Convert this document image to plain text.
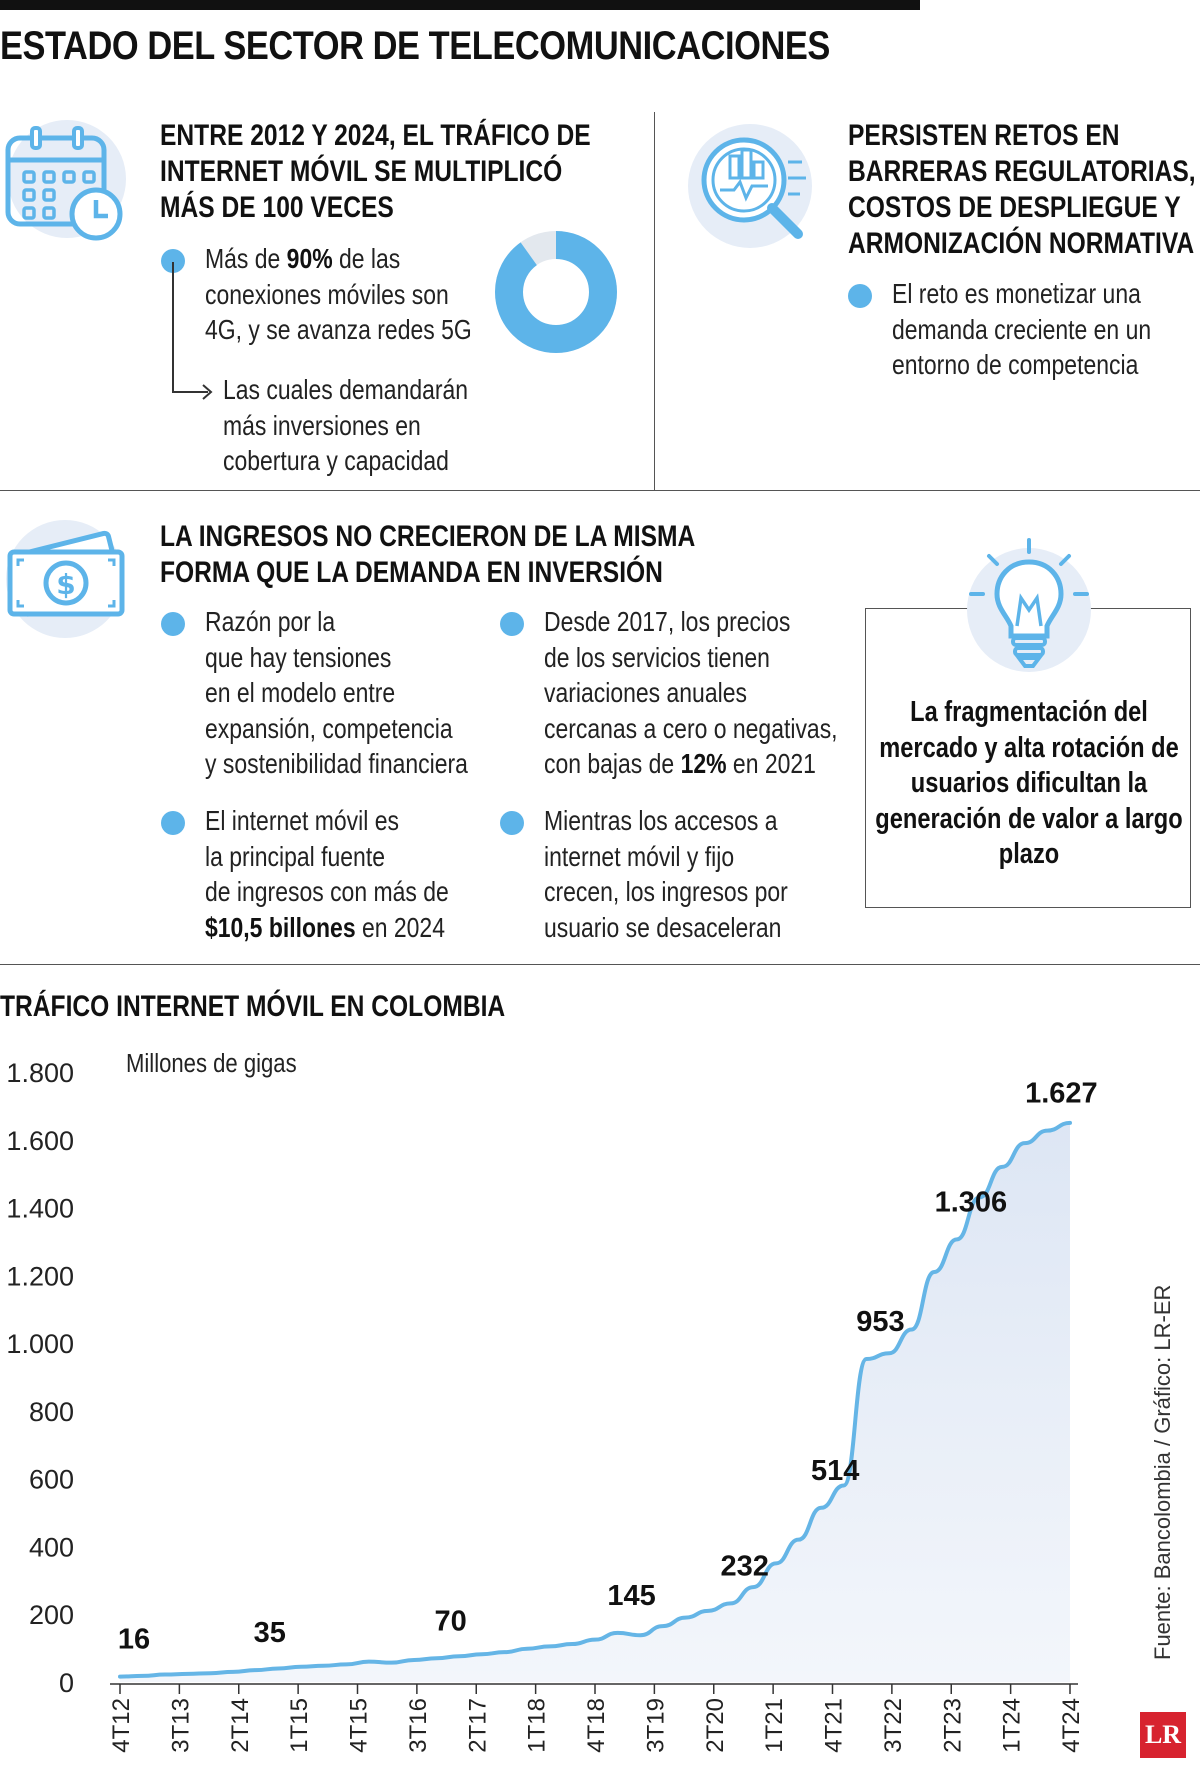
ESTADO DEL SECTOR DE TELECOMUNICACIONES
ENTRE 2012 Y 2024, EL TRÁFICO DE
INTERNET MÓVIL SE MULTIPLICÓ
MÁS DE 100 VECES
Más de 90% de las
conexiones móviles son
4G, y se avanza redes 5G
Las cuales demandarán
más inversiones en
cobertura y capacidad
PERSISTEN RETOS EN
BARRERAS REGULATORIAS,
COSTOS DE DESPLIEGUE Y
ARMONIZACIÓN NORMATIVA
El reto es monetizar una
demanda creciente en un
entorno de competencia
$
LA INGRESOS NO CRECIERON DE LA MISMA
FORMA QUE LA DEMANDA EN INVERSIÓN
Razón por la
que hay tensiones
en el modelo entre
expansión, competencia
y sostenibilidad financiera
El internet móvil es
la principal fuente
de ingresos con más de
$10,5 billones en 2024
Desde 2017, los precios
de los servicios tienen
variaciones anuales
cercanas a cero o negativas,
con bajas de 12% en 2021
Mientras los accesos a
internet móvil y fijo
crecen, los ingresos por
usuario se desaceleran
La fragmentación del mercado y alta rotación de usuarios dificultan la generación de valor a largo plazo
TRÁFICO INTERNET MÓVIL EN COLOMBIA
0
200
400
600
800
1.000
1.200
1.400
1.600
1.800 Millones de gigas
4T12 3T13 2T14 1T15 4T15 3T16 2T17 1T18 4T18 3T19 2T20 1T21 4T21 3T22 2T23 1T24 4T24
16	35	70
145
232
514
953
1.306
1.627
Fuente: Bancolombia / Gráfico: LR-ER
LR
